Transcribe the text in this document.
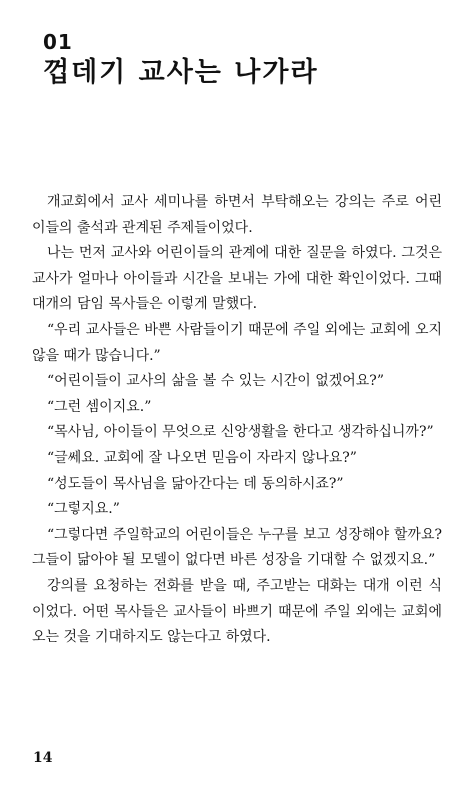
01
껍데기 교사는 나가라

개교회에서 교사 세미나를 하면서 부탁해오는 강의는 주로 어린이들의 출석과 관계된 주제들이었다.

나는 먼저 교사와 어린이들의 관계에 대한 질문을 하였다. 그것은 교사가 얼마나 아이들과 시간을 보내는 가에 대한 확인이었다. 그때 대개의 담임 목사들은 이렇게 말했다.

“우리 교사들은 바쁜 사람들이기 때문에 주일 외에는 교회에 오지 않을 때가 많습니다.”

“어린이들이 교사의 삶을 볼 수 있는 시간이 없겠어요?”

“그런 셈이지요.”

“목사님, 아이들이 무엇으로 신앙생활을 한다고 생각하십니까?”

“글쎄요. 교회에 잘 나오면 믿음이 자라지 않나요?”

“성도들이 목사님을 닮아간다는 데 동의하시죠?”

“그렇지요.”

“그렇다면 주일학교의 어린이들은 누구를 보고 성장해야 할까요? 그들이 닮아야 될 모델이 없다면 바른 성장을 기대할 수 없겠지요.”

강의를 요청하는 전화를 받을 때, 주고받는 대화는 대개 이런 식이었다. 어떤 목사들은 교사들이 바쁘기 때문에 주일 외에는 교회에 오는 것을 기대하지도 않는다고 하였다.

14
